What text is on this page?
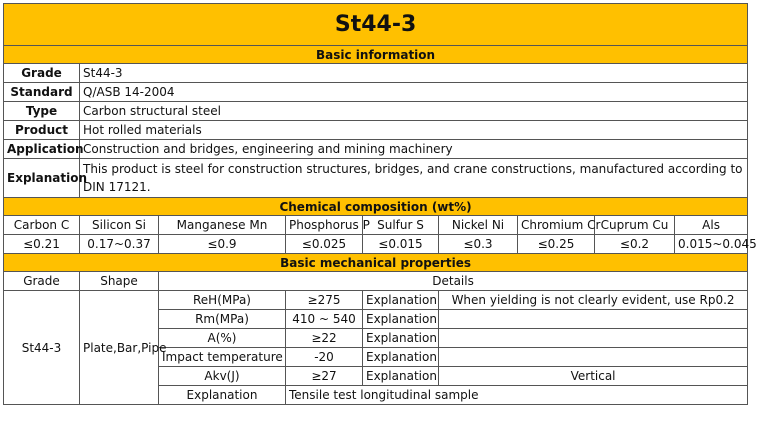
St44-3								
Basic information								
Grade	St44-3							
Standard	Q/ASB 14-2004							
Type	Carbon structural steel							
Product	Hot rolled materials							
Application	Construction and bridges, engineering and mining machinery							
Explanation	This product is steel for construction structures, bridges, and crane constructions, manufactured according to DIN 17121.							
Chemical composition (wt%)								
Carbon C	Silicon Si	Manganese Mn	Phosphorus P	Sulfur S	Nickel Ni	Chromium Cr	Cuprum Cu	Als
≤0.21	0.17~0.37	≤0.9	≤0.025	≤0.015	≤0.3	≤0.25	≤0.2	0.015~0.045
Basic mechanical properties								
Grade	Shape	Details						
St44-3	Plate,Bar,Pipe	ReH(MPa)	≥275	Explanation	When yielding is not clearly evident, use Rp0.2			
		Rm(MPa)	410 ~ 540	Explanation				
		A(%)	≥22	Explanation				
		Impact temperature	-20	Explanation				
		Akv(J)	≥27	Explanation	Vertical			
		Explanation	Tensile test longitudinal sample					
